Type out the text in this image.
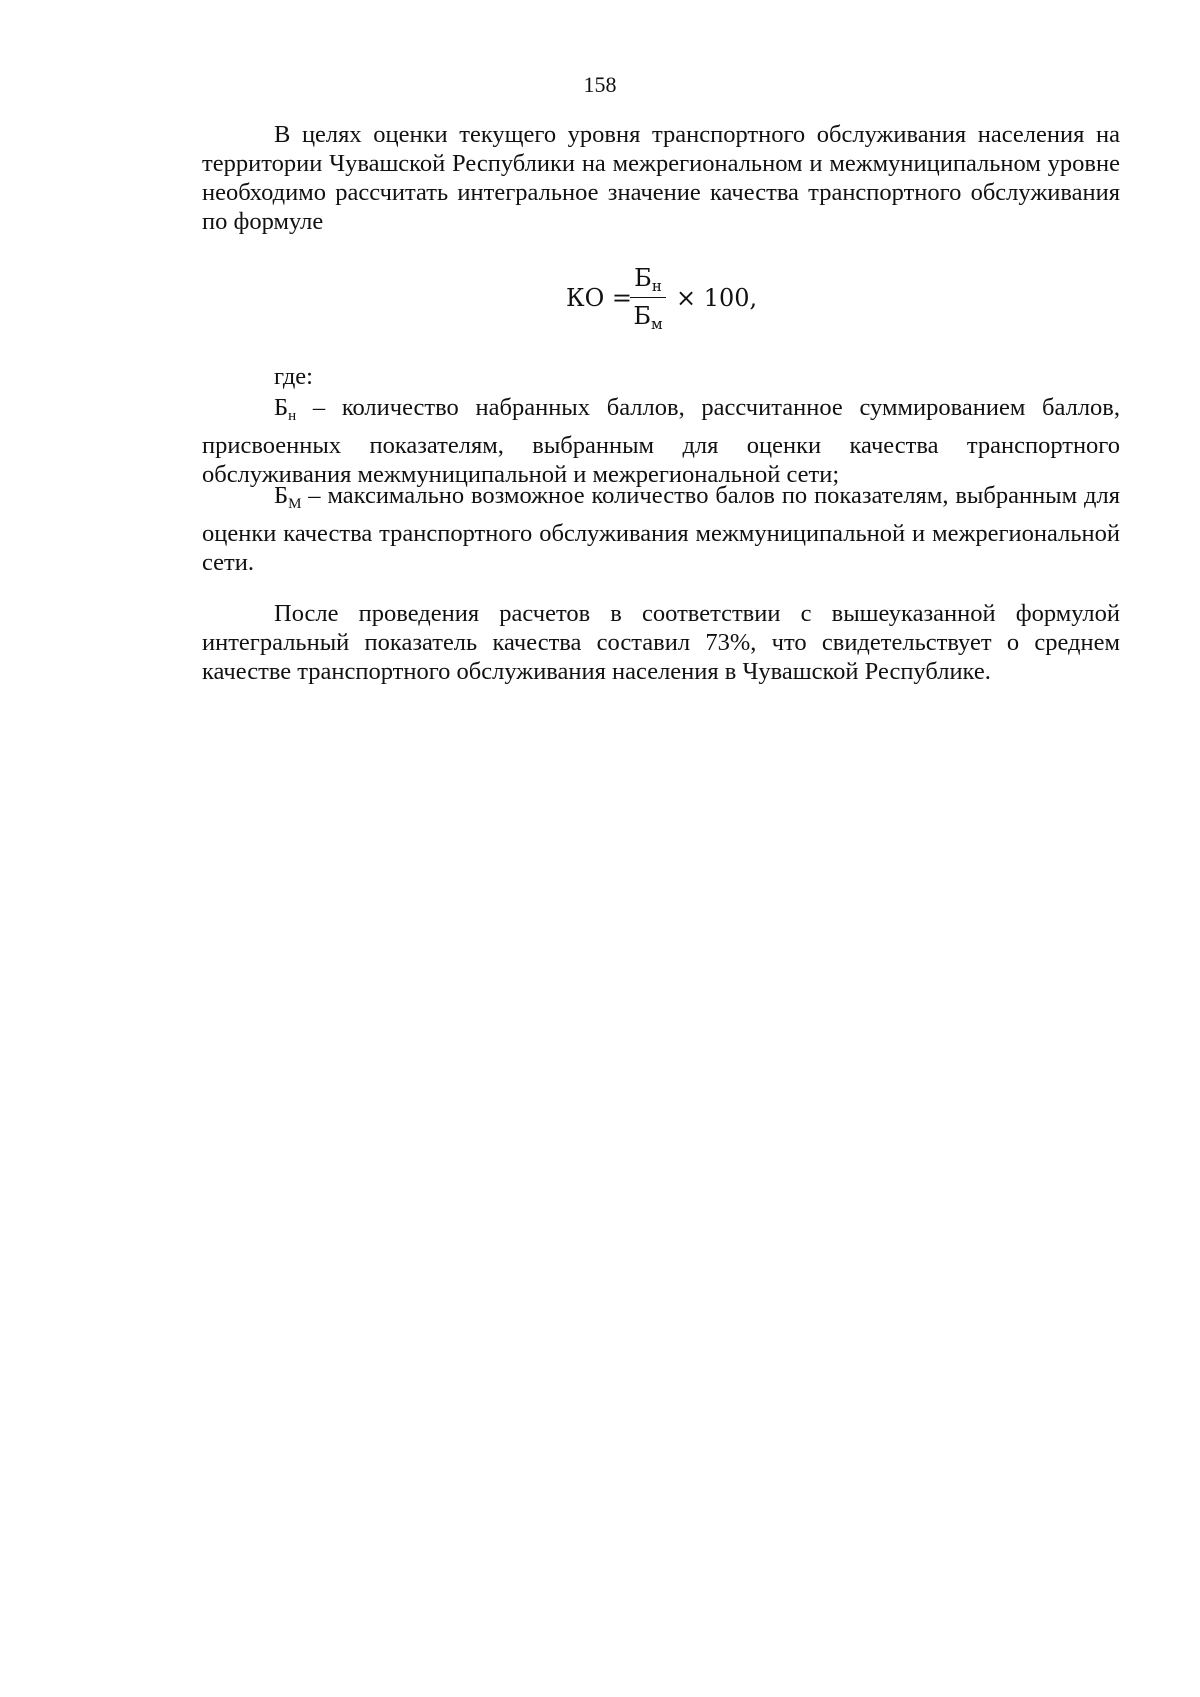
158

В целях оценки текущего уровня транспортного обслуживания населения на территории Чувашской Республики на межрегиональном и межмуниципальном уровне необходимо рассчитать интегральное значение качества транспортного обслуживания по формуле

КО =
$Б_н$
$Б_м$
× 100,
где:

$Б_н$ – количество набранных баллов, рассчитанное суммированием баллов, присвоенных показателям, выбранным для оценки качества транспортного обслуживания межмуниципальной и межрегиональной сети;

$Б_М$ – максимально возможное количество балов по показателям, выбранным для оценки качества транспортного обслуживания межмуниципальной и межрегиональной сети.

После проведения расчетов в соответствии с вышеуказанной формулой интегральный показатель качества составил 73%, что свидетельствует о среднем качестве транспортного обслуживания населения в Чувашской Республике.
